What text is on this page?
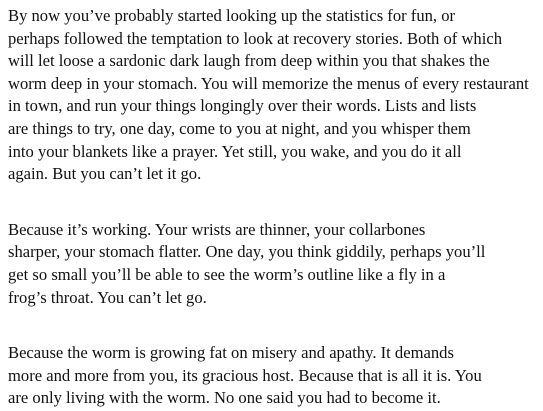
By now you’ve probably started looking up the statistics for fun, or
perhaps followed the temptation to look at recovery stories. Both of which
will let loose a sardonic dark laugh from deep within you that shakes the
worm deep in your stomach. You will memorize the menus of every restaurant
in town, and run your things longingly over their words. Lists and lists
are things to try, one day, come to you at night, and you whisper them
into your blankets like a prayer. Yet still, you wake, and you do it all
again. But you can’t let it go.
Because it’s working. Your wrists are thinner, your collarbones
sharper, your stomach flatter. One day, you think giddily, perhaps you’ll
get so small you’ll be able to see the worm’s outline like a fly in a
frog’s throat. You can’t let go.
Because the worm is growing fat on misery and apathy. It demands
more and more from you, its gracious host. Because that is all it is. You
are only living with the worm. No one said you had to become it.
